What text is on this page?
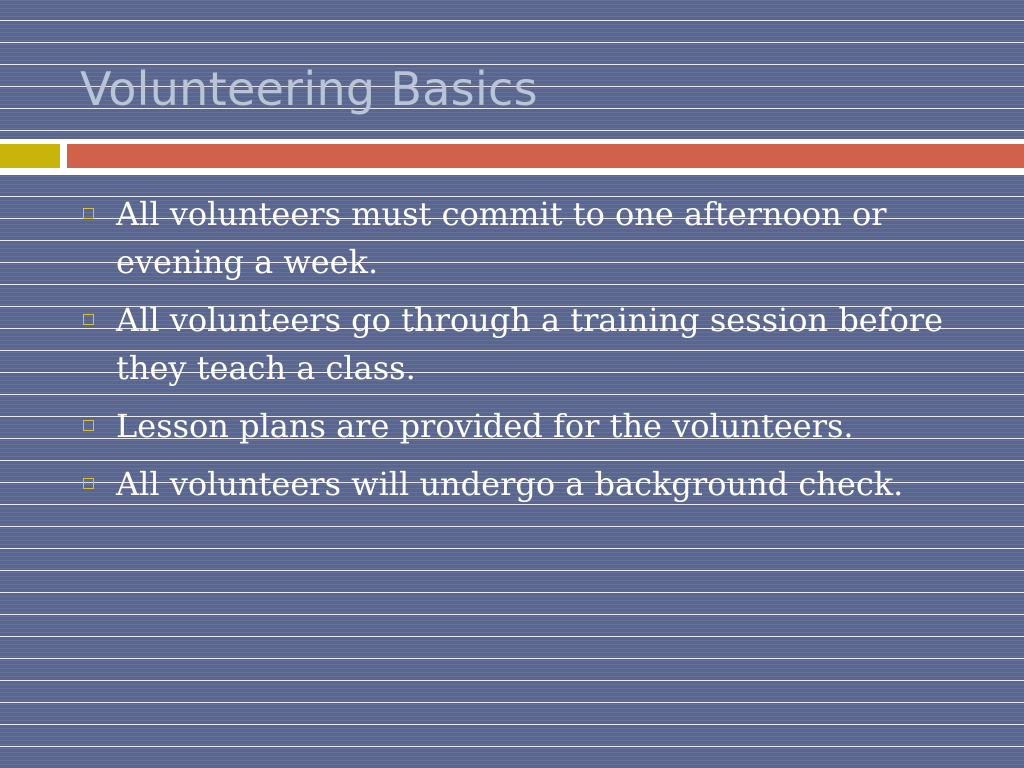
Volunteering Basics
All volunteers must commit to one afternoon or evening a week.
All volunteers go through a training session before they teach a class.
Lesson plans are provided for the volunteers.
All volunteers will undergo a background check.
